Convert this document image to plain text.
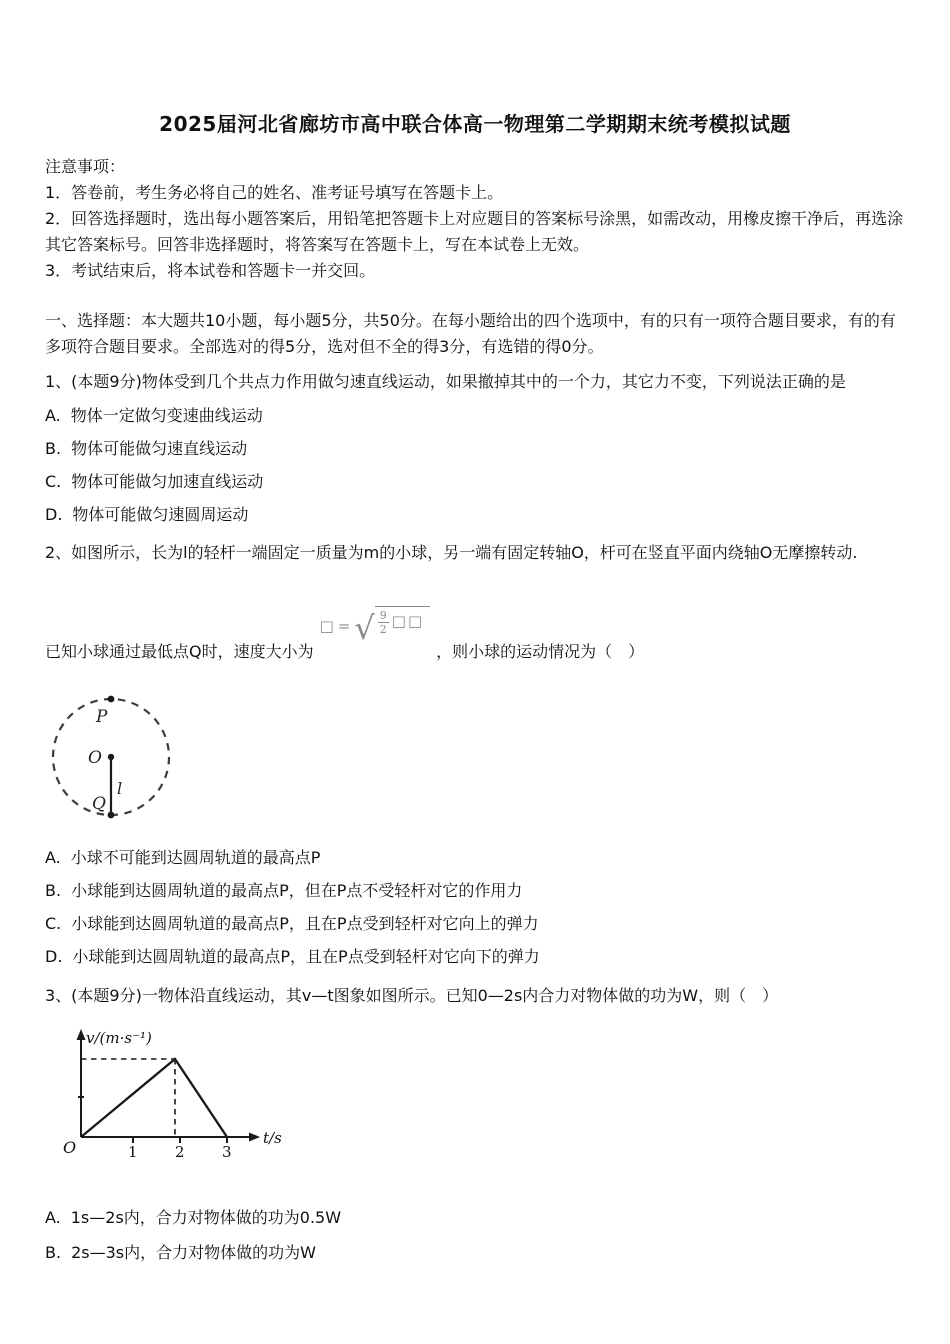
2025届河北省廊坊市高中联合体高一物理第二学期期末统考模拟试题

注意事项：

1．答卷前，考生务必将自己的姓名、准考证号填写在答题卡上。

2．回答选择题时，选出每小题答案后，用铅笔把答题卡上对应题目的答案标号涂黑，如需改动，用橡皮擦干净后，再选涂其它答案标号。回答非选择题时，将答案写在答题卡上，写在本试卷上无效。

3．考试结束后，将本试卷和答题卡一并交回。

一、选择题：本大题共10小题，每小题5分，共50分。在每小题给出的四个选项中，有的只有一项符合题目要求，有的有多项符合题目要求。全部选对的得5分，选对但不全的得3分，有选错的得0分。

1、(本题9分)物体受到几个共点力作用做匀速直线运动，如果撤掉其中的一个力，其它力不变，下列说法正确的是

A. 物体一定做匀变速曲线运动

B. 物体可能做匀速直线运动

C. 物体可能做匀加速直线运动

D. 物体可能做匀速圆周运动

2、如图所示，长为l的轻杆一端固定一质量为m的小球，另一端有固定转轴O，杆可在竖直平面内绕轴O无摩擦转动.

已知小球通过最低点Q时，速度大小为□ = √ $\frac{9}{2}$ □□，则小球的运动情况为（　）

P
O
l
Q

A. 小球不可能到达圆周轨道的最高点P

B. 小球能到达圆周轨道的最高点P，但在P点不受轻杆对它的作用力

C. 小球能到达圆周轨道的最高点P，且在P点受到轻杆对它向上的弹力

D. 小球能到达圆周轨道的最高点P，且在P点受到轻杆对它向下的弹力

3、(本题9分)一物体沿直线运动，其v—t图象如图所示。已知0—2s内合力对物体做的功为W，则（　）

v/(m·s⁻¹)
t/s
O	1 2 3

A. 1s—2s内，合力对物体做的功为0.5W

B. 2s—3s内，合力对物体做的功为W
